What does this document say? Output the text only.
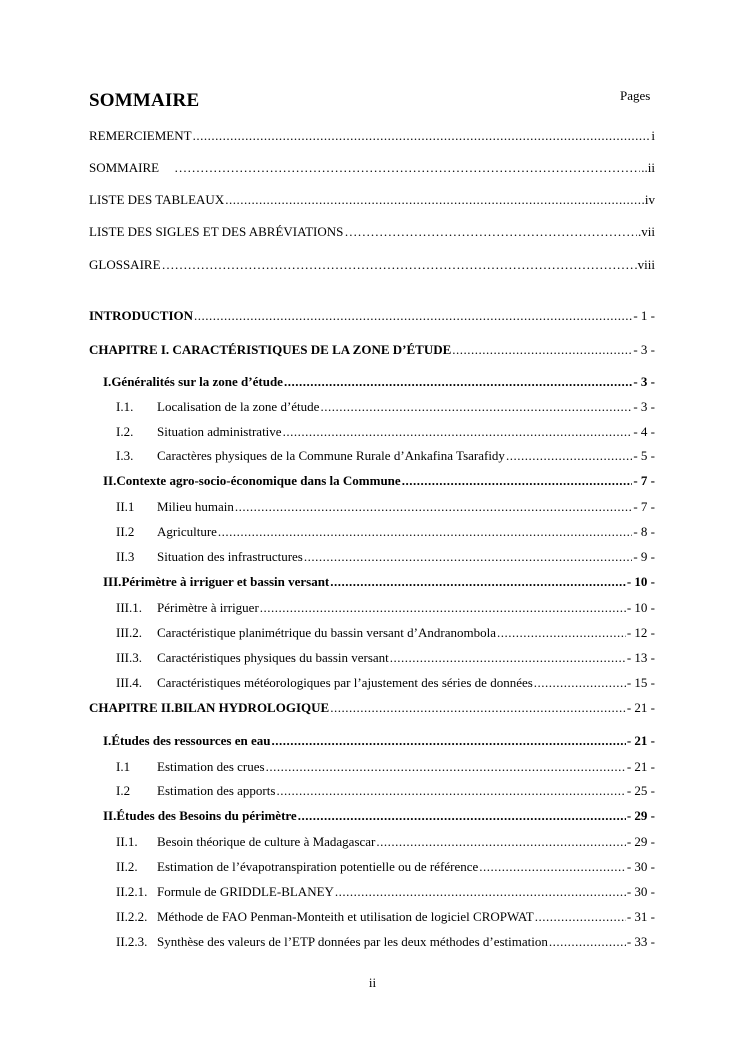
SOMMAIRE	Pages
REMERCIEMENT .....	i
SOMMAIRE …………………………………………………………………………………………………………………………………………………………………………………………………………………………………	..ii
LISTE DES TABLEAUX .....	iv
LISTE DES SIGLES ET DES ABRÉVIATIONS …………………………………………………………………………………………………………………………………………………………………………………………………………………………………	.vii
GLOSSAIRE …………………………………………………………………………………………………………………………………………………………………………………………………………………………………	viii
INTRODUCTION .....	- 1 -
CHAPITRE I. CARACTÉRISTIQUES DE LA ZONE D’ÉTUDE .....	- 3 -
I. Généralités sur la zone d’étude .....	- 3 -
I.1.	Localisation de la zone d’étude .....	- 3 -
I.2.	Situation administrative .....	- 4 -
I.3.	Caractères physiques de la Commune Rurale d’Ankafina Tsarafidy .....	- 5 -
II. Contexte agro-socio-économique dans la Commune .....	- 7 -
II.1	Milieu humain .....	- 7 -
II.2	Agriculture .....	- 8 -
II.3	Situation des infrastructures .....	- 9 -
III. Périmètre à irriguer et bassin versant .....	- 10 -
III.1.	Périmètre à irriguer .....	- 10 -
III.2.	Caractéristique planimétrique du bassin versant d’Andranombola .....	- 12 -
III.3.	Caractéristiques physiques du bassin versant .....	- 13 -
III.4.	Caractéristiques météorologiques par l’ajustement des séries de données .....	- 15 -
CHAPITRE II.BILAN HYDROLOGIQUE .....	- 21 -
I. Études des ressources en eau .....	- 21 -
I.1	Estimation des crues .....	- 21 -
I.2	Estimation des apports .....	- 25 -
II. Études des Besoins du périmètre .....	- 29 -
II.1.	Besoin théorique de culture à Madagascar .....	- 29 -
II.2.	Estimation de l’évapotranspiration potentielle ou de référence .....	- 30 -
II.2.1. Formule de GRIDDLE-BLANEY .....	- 30 -
II.2.2. Méthode de FAO Penman-Monteith et utilisation de logiciel CROPWAT .....	- 31 -
II.2.3. Synthèse des valeurs de l’ETP données par les deux méthodes d’estimation .....	- 33 -
ii
